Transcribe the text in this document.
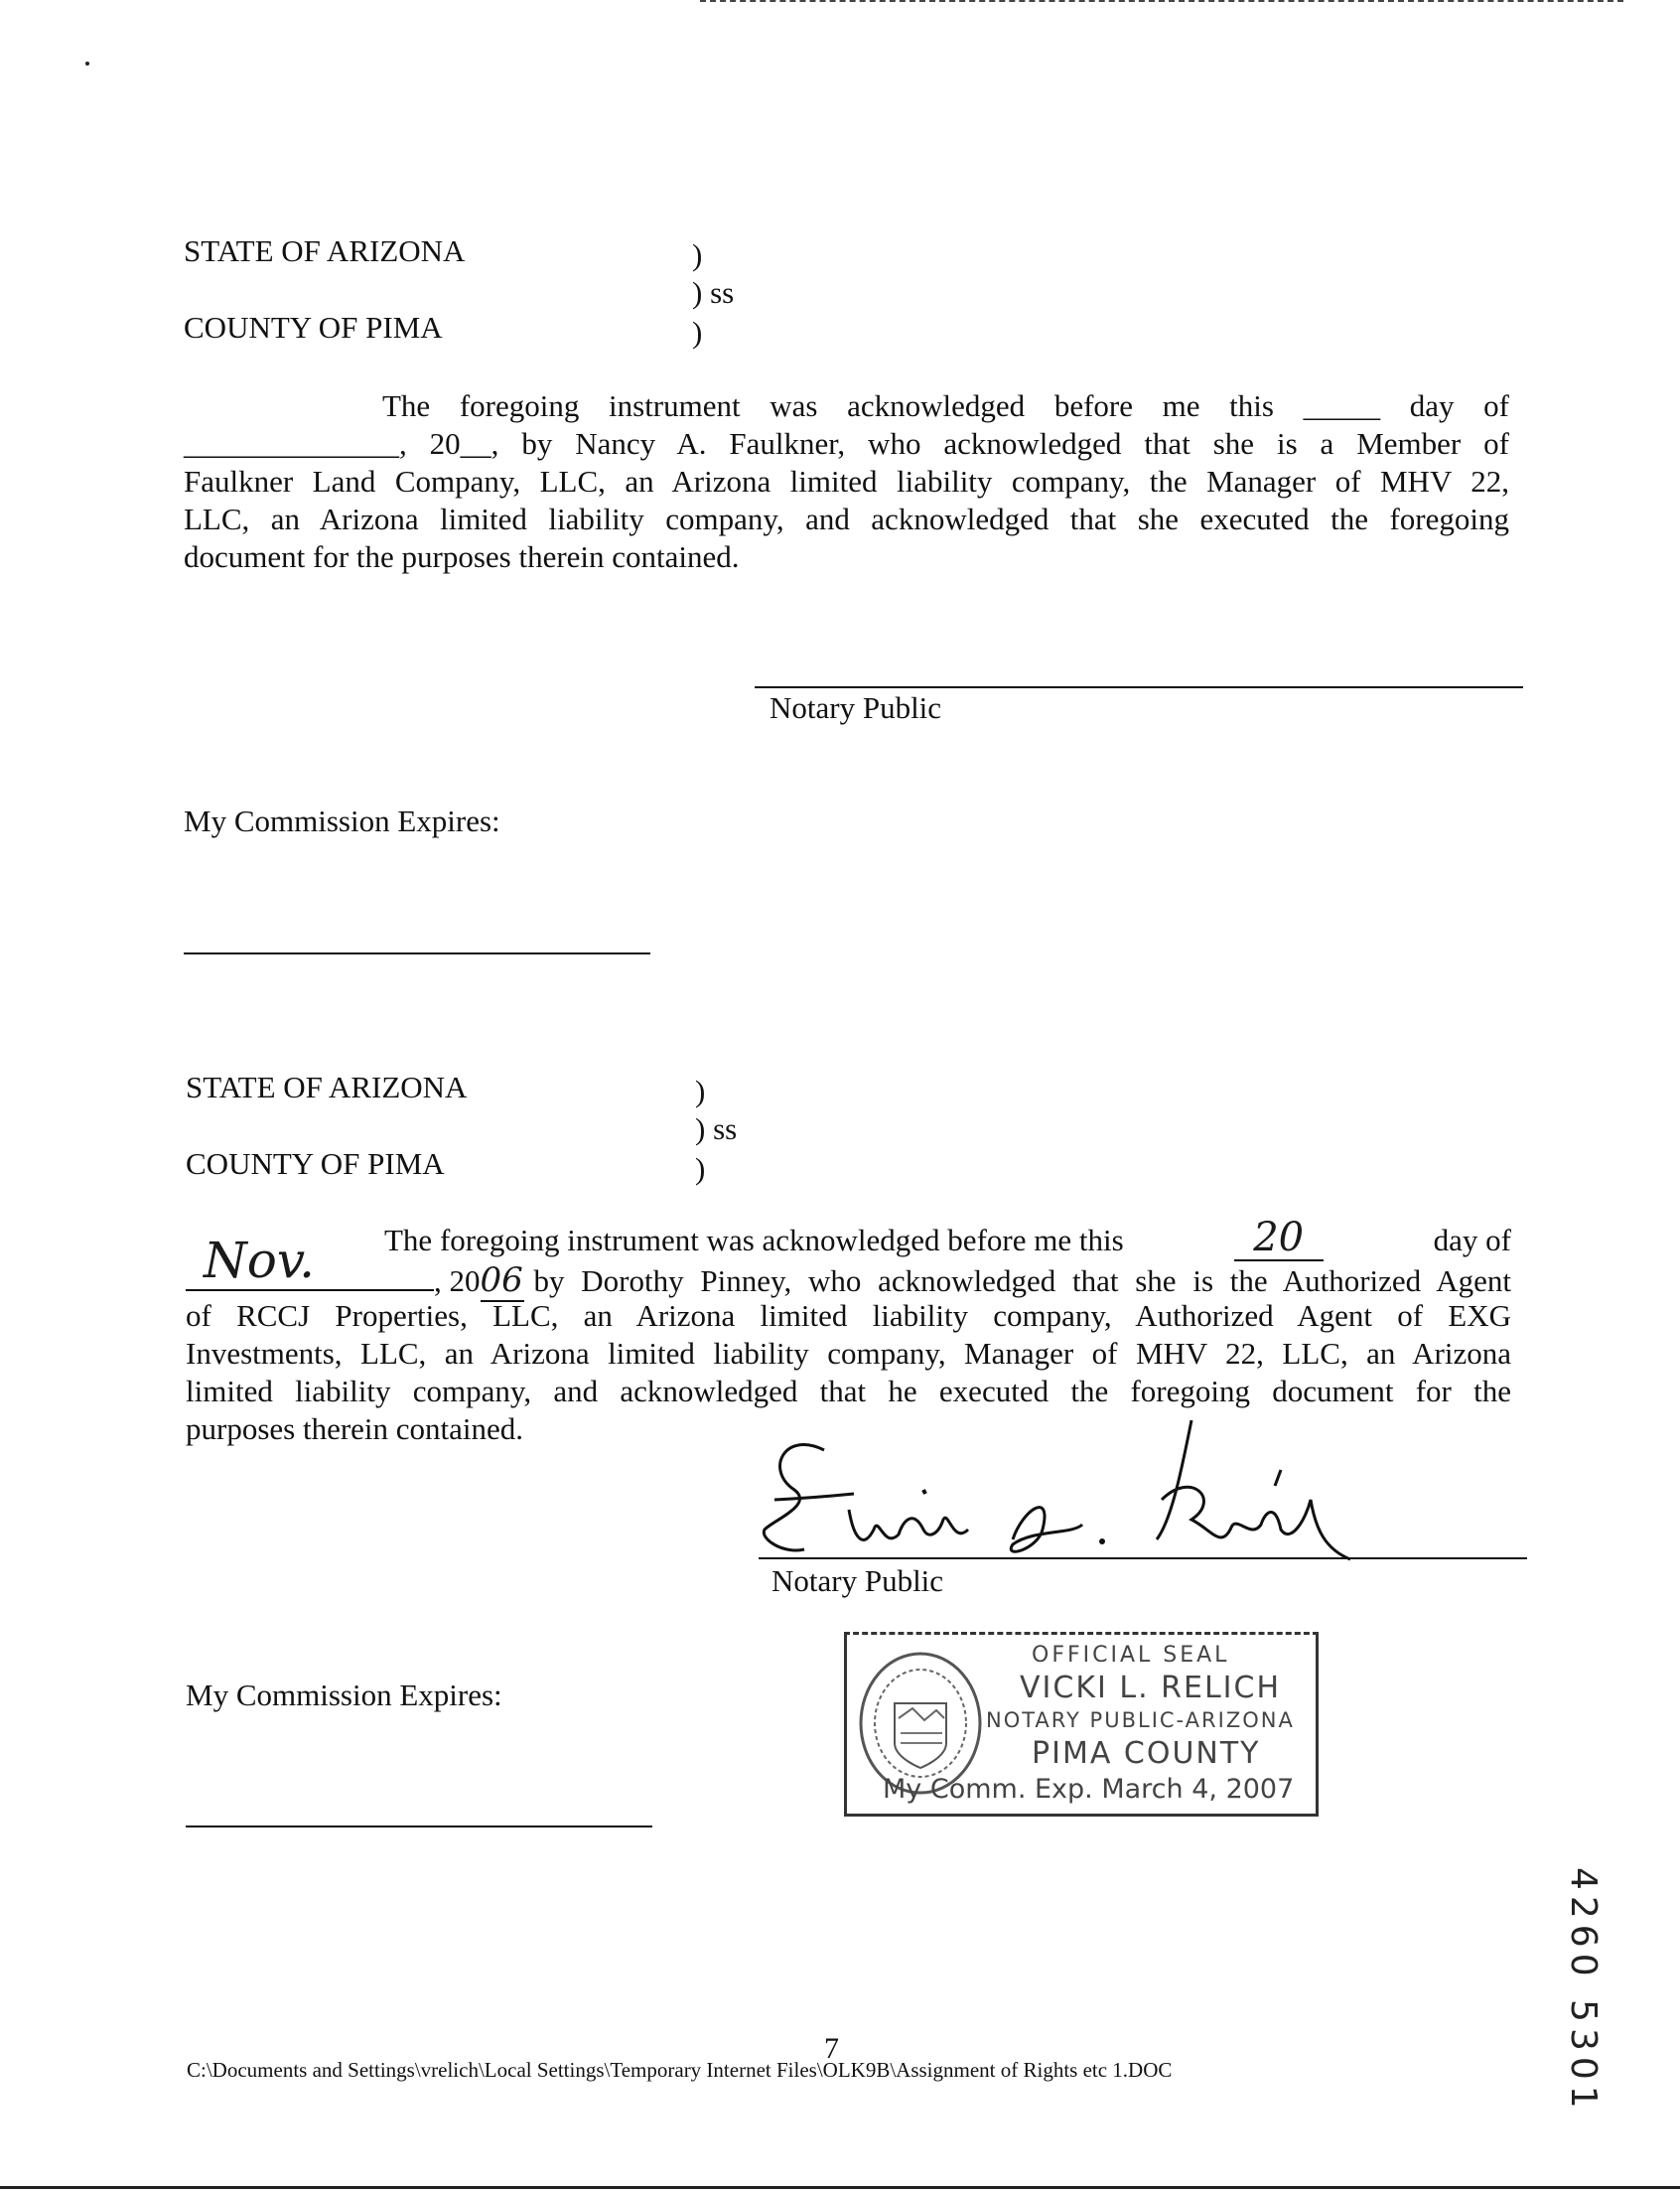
STATE OF ARIZONA	)
) ss
COUNTY OF PIMA	)
The foregoing instrument was acknowledged before me this _____ day of
______________, 20__, by Nancy A. Faulkner, who acknowledged that she is a Member of
Faulkner Land Company, LLC, an Arizona limited liability company, the Manager of MHV 22,
LLC, an Arizona limited liability company, and acknowledged that she executed the foregoing
document for the purposes therein contained.
Notary Public
My Commission Expires:
STATE OF ARIZONA	)
) ss
COUNTY OF PIMA	)
The foregoing instrument was acknowledged before me this	20	day of
Nov.	, 20 06 by Dorothy Pinney, who acknowledged that she is the Authorized Agent
of RCCJ Properties, LLC, an Arizona limited liability company, Authorized Agent of EXG
Investments, LLC, an Arizona limited liability company, Manager of MHV 22, LLC, an Arizona
limited liability company, and acknowledged that he executed the foregoing document for the
purposes therein contained.
Notary Public
My Commission Expires:
OFFICIAL SEAL
VICKI L. RELICH
NOTARY PUBLIC-ARIZONA
PIMA COUNTY
My Comm. Exp. March 4, 2007
4260 5301
7
C:\Documents and Settings\vrelich\Local Settings\Temporary Internet Files\OLK9B\Assignment of Rights etc 1.DOC
